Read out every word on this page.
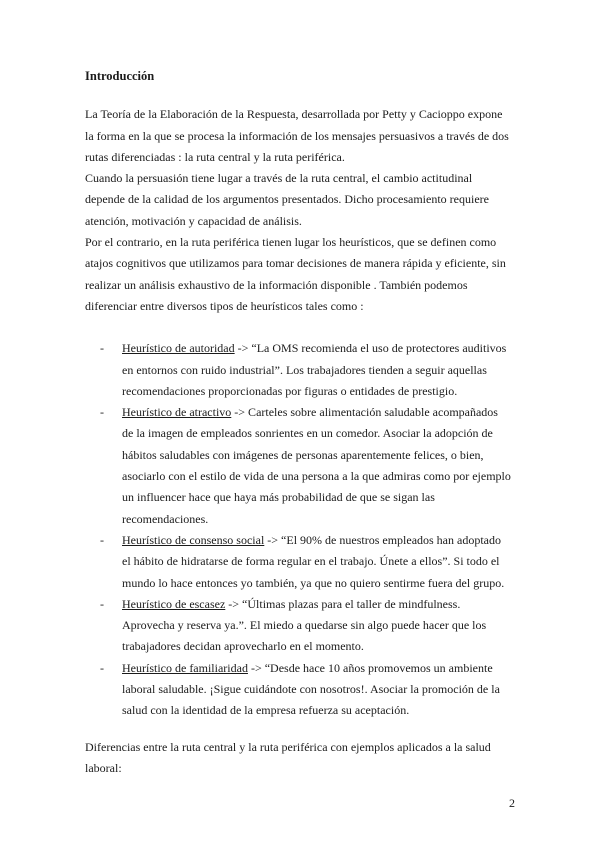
Introducción
La Teoría de la Elaboración de la Respuesta, desarrollada por Petty y Cacioppo expone
la forma en la que se procesa la información de los mensajes persuasivos a través de dos
rutas diferenciadas : la ruta central y la ruta periférica.
Cuando la persuasión tiene lugar a través de la ruta central, el cambio actitudinal
depende de la calidad de los argumentos presentados. Dicho procesamiento requiere
atención, motivación y capacidad de análisis.
Por el contrario, en la ruta periférica tienen lugar los heurísticos, que se definen como
atajos cognitivos que utilizamos para tomar decisiones de manera rápida y eficiente, sin
realizar un análisis exhaustivo de la información disponible . También podemos
diferenciar entre diversos tipos de heurísticos tales como :
-	Heurístico de autoridad -> “La OMS recomienda el uso de protectores auditivos
en entornos con ruido industrial”. Los trabajadores tienden a seguir aquellas
recomendaciones proporcionadas por figuras o entidades de prestigio.
-	Heurístico de atractivo -> Carteles sobre alimentación saludable acompañados
de la imagen de empleados sonrientes en un comedor. Asociar la adopción de
hábitos saludables con imágenes de personas aparentemente felices, o bien,
asociarlo con el estilo de vida de una persona a la que admiras como por ejemplo
un influencer hace que haya más probabilidad de que se sigan las
recomendaciones.
-	Heurístico de consenso social -> “El 90% de nuestros empleados han adoptado
el hábito de hidratarse de forma regular en el trabajo. Únete a ellos”. Si todo el
mundo lo hace entonces yo también, ya que no quiero sentirme fuera del grupo.
-	Heurístico de escasez -> “Últimas plazas para el taller de mindfulness.
Aprovecha y reserva ya.”. El miedo a quedarse sin algo puede hacer que los
trabajadores decidan aprovecharlo en el momento.
-	Heurístico de familiaridad -> “Desde hace 10 años promovemos un ambiente
laboral saludable. ¡Sigue cuidándote con nosotros!. Asociar la promoción de la
salud con la identidad de la empresa refuerza su aceptación.
Diferencias entre la ruta central y la ruta periférica con ejemplos aplicados a la salud
laboral:
2
